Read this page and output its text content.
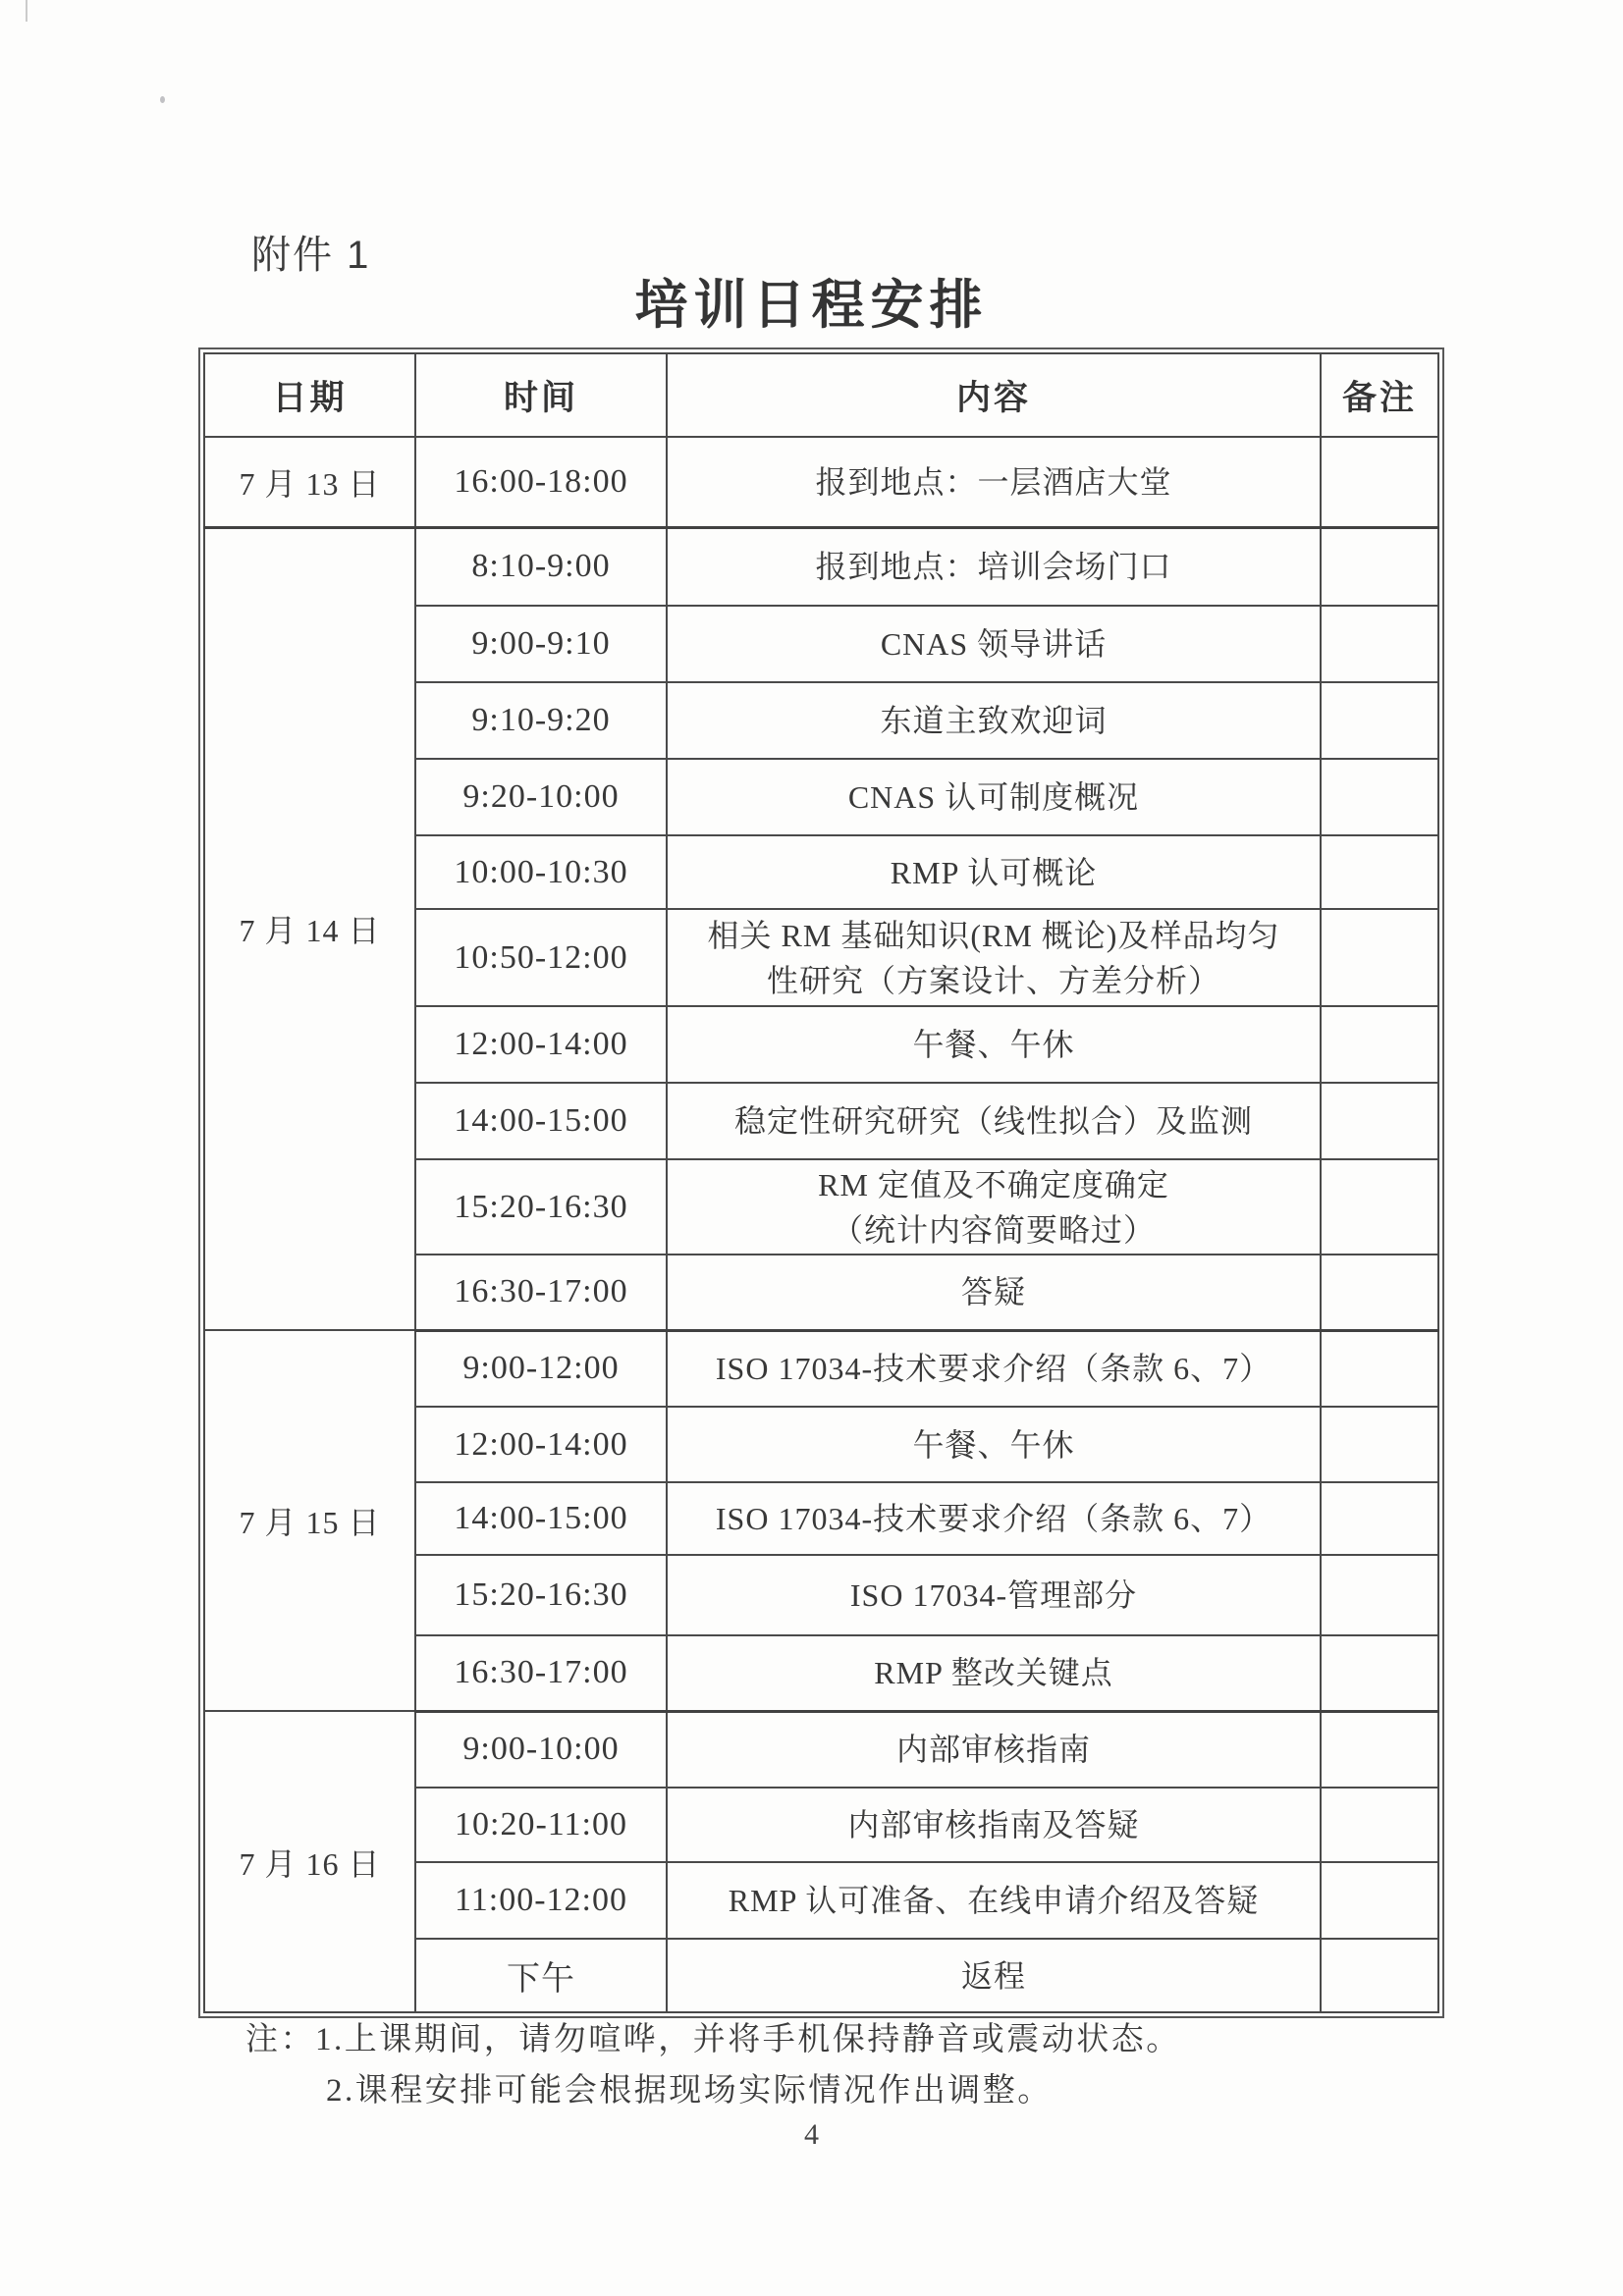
附件 1
培训日程安排
日期	时间	内容	备注
7 月 13 日	16:00-18:00	报到地点：一层酒店大堂	

7 月 14 日	8:10-9:00	报到地点：培训会场门口	

	9:00-9:10	CNAS 领导讲话	

	9:10-9:20	东道主致欢迎词	

	9:20-10:00	CNAS 认可制度概况	

	10:00-10:30	RMP 认可概论	

	10:50-12:00	相关 RM 基础知识(RM 概论)及样品均匀
性研究（方案设计、方差分析）	

	12:00-14:00	午餐、午休	

	14:00-15:00	稳定性研究研究（线性拟合）及监测	

	15:20-16:30	RM 定值及不确定度确定
（统计内容简要略过）	

	16:30-17:00	答疑	

7 月 15 日	9:00-12:00	ISO 17034-技术要求介绍（条款 6、7）	

	12:00-14:00	午餐、午休	

	14:00-15:00	ISO 17034-技术要求介绍（条款 6、7）	

	15:20-16:30	ISO 17034-管理部分	

	16:30-17:00	RMP 整改关键点	

7 月 16 日	9:00-10:00	内部审核指南	

	10:20-11:00	内部审核指南及答疑	

	11:00-12:00	RMP 认可准备、在线申请介绍及答疑	

	下午	返程	

注：1.上课期间，请勿喧哗，并将手机保持静音或震动状态。
2.课程安排可能会根据现场实际情况作出调整。
4
